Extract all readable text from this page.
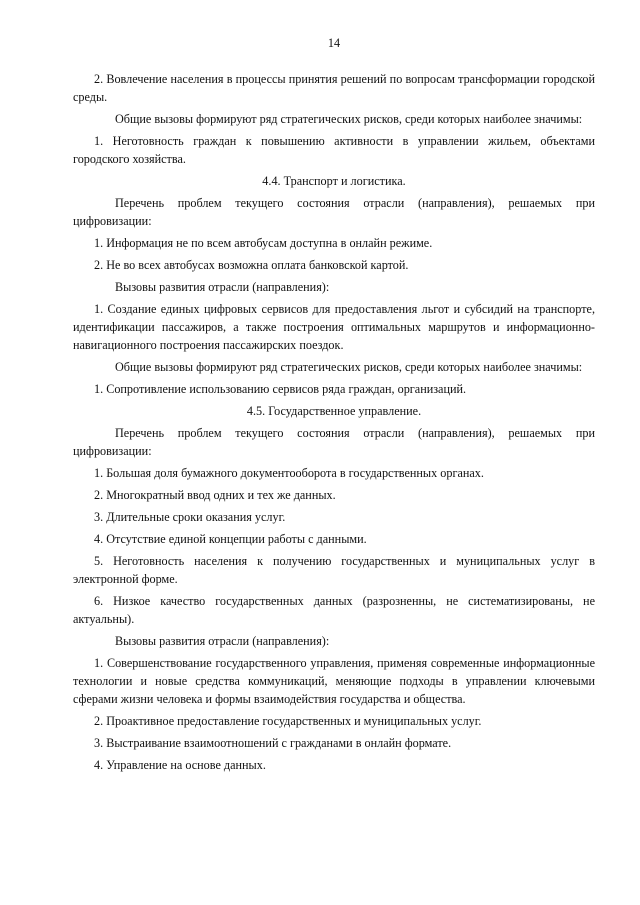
14

2. Вовлечение населения в процессы принятия решений по вопросам трансформации городской среды.

Общие вызовы формируют ряд стратегических рисков, среди которых наиболее значимы:

1. Неготовность граждан к повышению активности в управлении жильем, объектами городского хозяйства.

4.4. Транспорт и логистика.

Перечень проблем текущего состояния отрасли (направления), решаемых при цифровизации:

1. Информация не по всем автобусам доступна в онлайн режиме.

2. Не во всех автобусах возможна оплата банковской картой.

Вызовы развития отрасли (направления):

1. Создание единых цифровых сервисов для предоставления льгот и субсидий на транспорте, идентификации пассажиров, а также построения оптимальных маршрутов и информационно-навигационного построения пассажирских поездок.

Общие вызовы формируют ряд стратегических рисков, среди которых наиболее значимы:

1. Сопротивление использованию сервисов ряда граждан, организаций.

4.5. Государственное управление.

Перечень проблем текущего состояния отрасли (направления), решаемых при цифровизации:

1. Большая доля бумажного документооборота в государственных органах.

2. Многократный ввод одних и тех же данных.

3. Длительные сроки оказания услуг.

4. Отсутствие единой концепции работы с данными.

5. Неготовность населения к получению государственных и муниципальных услуг в электронной форме.

6. Низкое качество государственных данных (разрозненны, не систематизированы, не актуальны).

Вызовы развития отрасли (направления):

1. Совершенствование государственного управления, применяя современные информационные технологии и новые средства коммуникаций, меняющие подходы в управлении ключевыми сферами жизни человека и формы взаимодействия государства и общества.

2. Проактивное предоставление государственных и муниципальных услуг.

3. Выстраивание взаимоотношений с гражданами в онлайн формате.

4. Управление на основе данных.
